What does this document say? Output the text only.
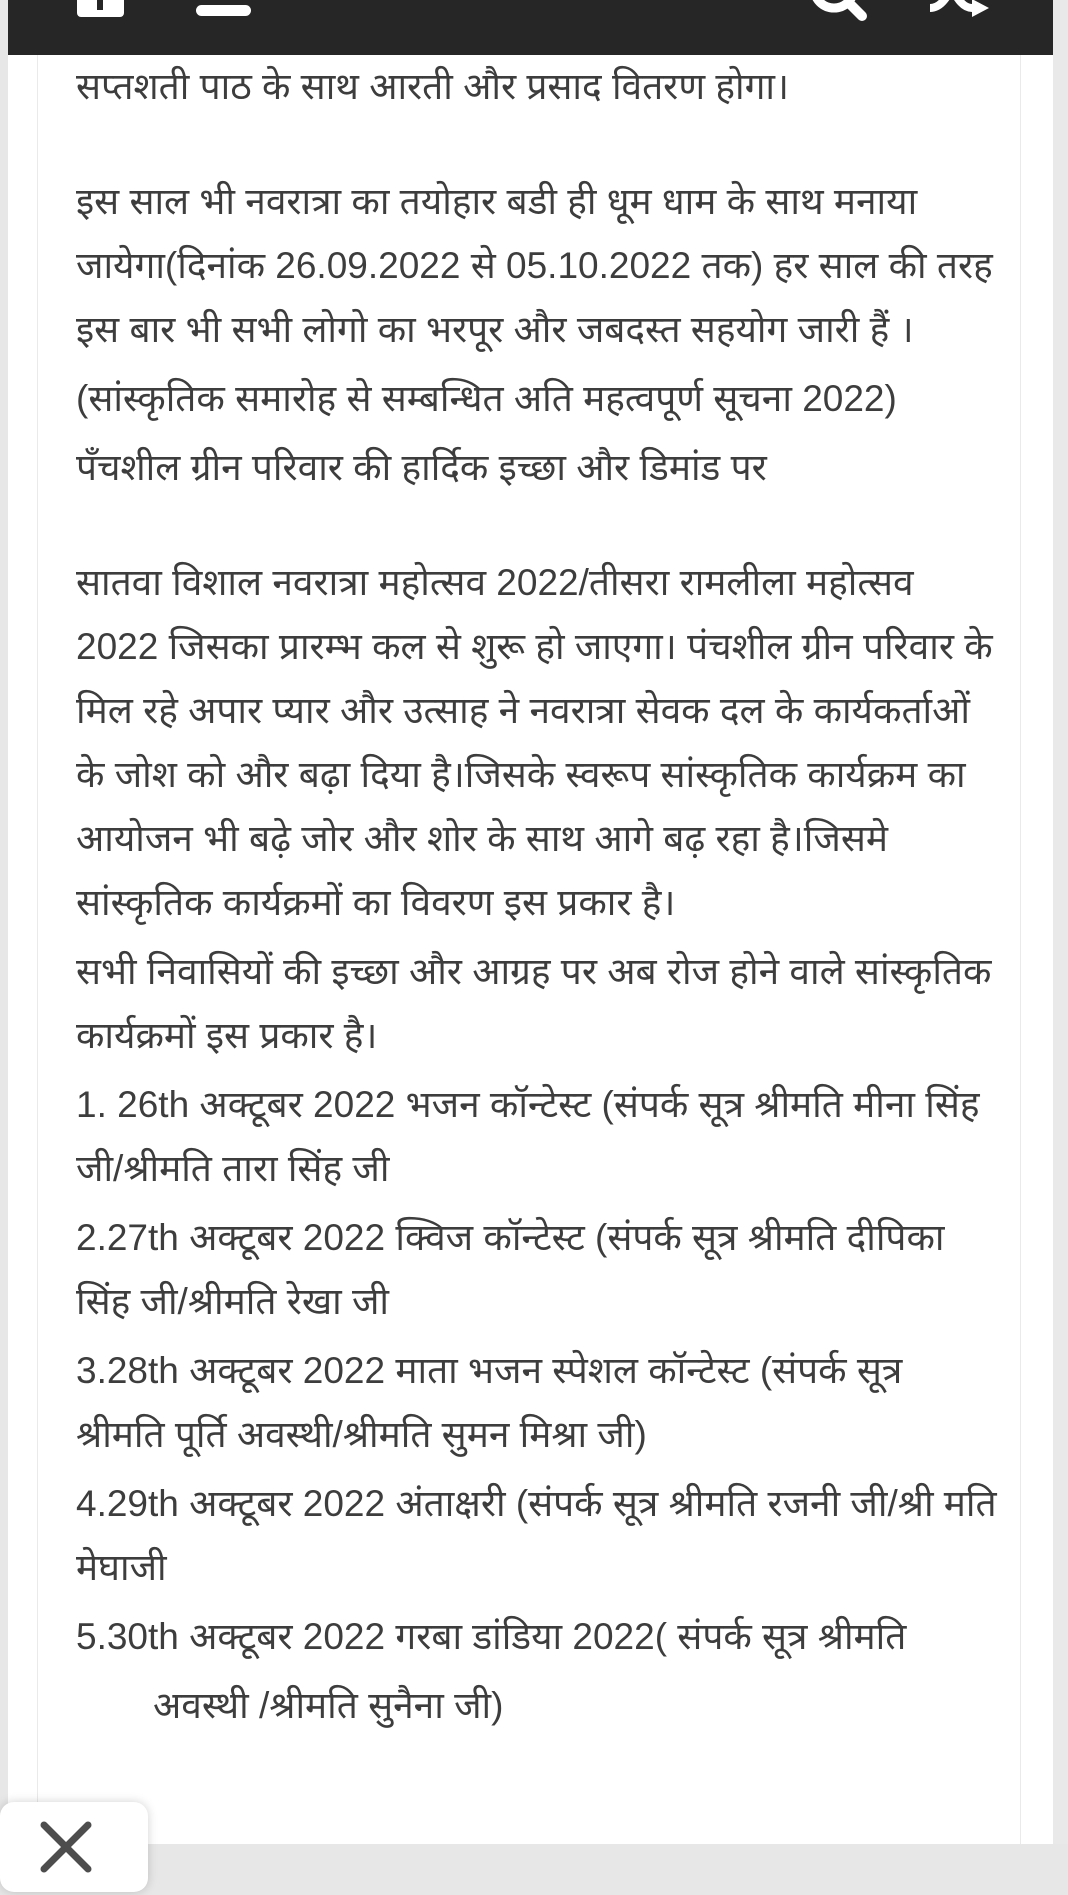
सप्तशती पाठ के साथ आरती और प्रसाद वितरण होगा।

इस साल भी नवरात्रा का तयोहार बडी ही धूम धाम के साथ मनाया जायेगा(दिनांक 26.09.2022 से 05.10.2022 तक) हर साल की तरह इस बार भी सभी लोगो का भरपूर और जबदस्त सहयोग जारी हैं ।

(सांस्कृतिक समारोह से सम्बन्धित अति महत्वपूर्ण सूचना 2022)

पँचशील ग्रीन परिवार की हार्दिक इच्छा और डिमांड पर

सातवा विशाल नवरात्रा महोत्सव 2022/तीसरा रामलीला महोत्सव 2022 जिसका प्रारम्भ कल से शुरू हो जाएगा। पंचशील ग्रीन परिवार के मिल रहे अपार प्यार और उत्साह ने नवरात्रा सेवक दल के कार्यकर्ताओं के जोश को और बढ़ा दिया है।जिसके स्वरूप सांस्कृतिक कार्यक्रम का आयोजन भी बढ़े जोर और शोर के साथ आगे बढ़ रहा है।जिसमे सांस्कृतिक कार्यक्रमों का विवरण इस प्रकार है।

सभी निवासियों की इच्छा और आग्रह पर अब रोज होने वाले सांस्कृतिक कार्यक्रमों इस प्रकार है।

1. 26th अक्टूबर 2022 भजन कॉन्टेस्ट (संपर्क सूत्र श्रीमति मीना सिंह जी/श्रीमति तारा सिंह जी

2.27th अक्टूबर 2022 क्विज कॉन्टेस्ट (संपर्क सूत्र श्रीमति दीपिका सिंह जी/श्रीमति रेखा जी

3.28th अक्टूबर 2022 माता भजन स्पेशल कॉन्टेस्ट (संपर्क सूत्र श्रीमति पूर्ति अवस्थी/श्रीमति सुमन मिश्रा जी)

4.29th अक्टूबर 2022 अंताक्षरी (संपर्क सूत्र श्रीमति रजनी जी/श्री मति मेघाजी

5.30th अक्टूबर 2022 गरबा डांडिया 2022( संपर्क सूत्र श्रीमति

अवस्थी /श्रीमति सुनैना जी)
